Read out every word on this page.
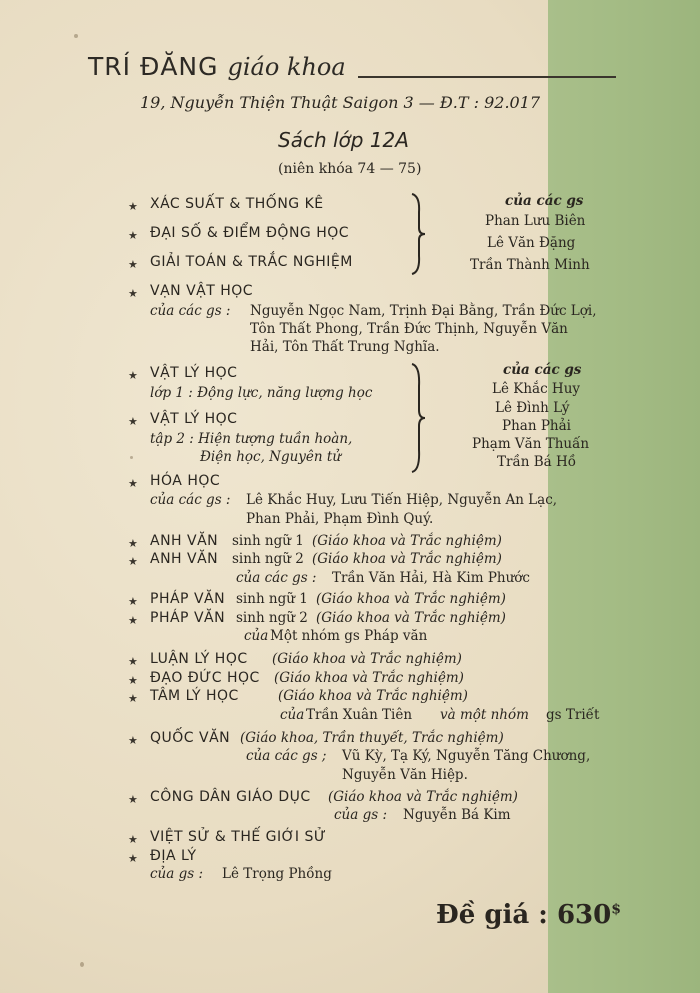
TRÍ ĐĂNG giáo khoa
19, Nguyễn Thiện Thuật Saigon 3 — Đ.T : 92.017
Sách lớp 12A
(niên khóa 74 — 75)
★ XÁC SUẤT & THỐNG KÊ
★ ĐẠI SỐ & ĐIỂM ĐỘNG HỌC
★ GIẢI TOÁN & TRẮC NGHIỆM
của các gs
Phan Lưu Biên
Lê Văn Đặng
Trần Thành Minh
★ VẠN VẬT HỌC
của các gs : Nguyễn Ngọc Nam, Trịnh Đại Bằng, Trần Đức Lợi,
Tôn Thất Phong, Trần Đức Thịnh, Nguyễn Văn
Hải, Tôn Thất Trung Nghĩa.
★ VẬT LÝ HỌC
lớp 1 : Động lực, năng lượng học
★ VẬT LÝ HỌC
tập 2 : Hiện tượng tuần hoàn,
Điện học, Nguyên tử
của các gs
Lê Khắc Huy
Lê Đình Lý
Phan Phải
Phạm Văn Thuấn
Trần Bá Hồ
★ HÓA HỌC
của các gs : Lê Khắc Huy, Lưu Tiến Hiệp, Nguyễn An Lạc,
Phan Phải, Phạm Đình Quý.
★ ANH VĂN sinh ngữ 1 (Giáo khoa và Trắc nghiệm)
★ ANH VĂN sinh ngữ 2 (Giáo khoa và Trắc nghiệm)
của các gs : Trần Văn Hải, Hà Kim Phước
★ PHÁP VĂN sinh ngữ 1 (Giáo khoa và Trắc nghiệm)
★ PHÁP VĂN sinh ngữ 2 (Giáo khoa và Trắc nghiệm)
của Một nhóm gs Pháp văn
★ LUẬN LÝ HỌC (Giáo khoa và Trắc nghiệm)
★ ĐẠO ĐỨC HỌC (Giáo khoa và Trắc nghiệm)
★ TÂM LÝ HỌC	(Giáo khoa và Trắc nghiệm)
của Trần Xuân Tiên và một nhóm gs Triết
★ QUỐC VĂN (Giáo khoa, Trần thuyết, Trắc nghiệm)
của các gs ; Vũ Kỳ, Tạ Ký, Nguyễn Tăng Chương,
Nguyễn Văn Hiệp.
★ CÔNG DÂN GIÁO DỤC (Giáo khoa và Trắc nghiệm)
của gs : Nguyễn Bá Kim
★ VIỆT SỬ & THẾ GIỚI SỬ
★ ĐỊA LÝ
của gs : Lê Trọng Phồng
Đề giá : 630$
